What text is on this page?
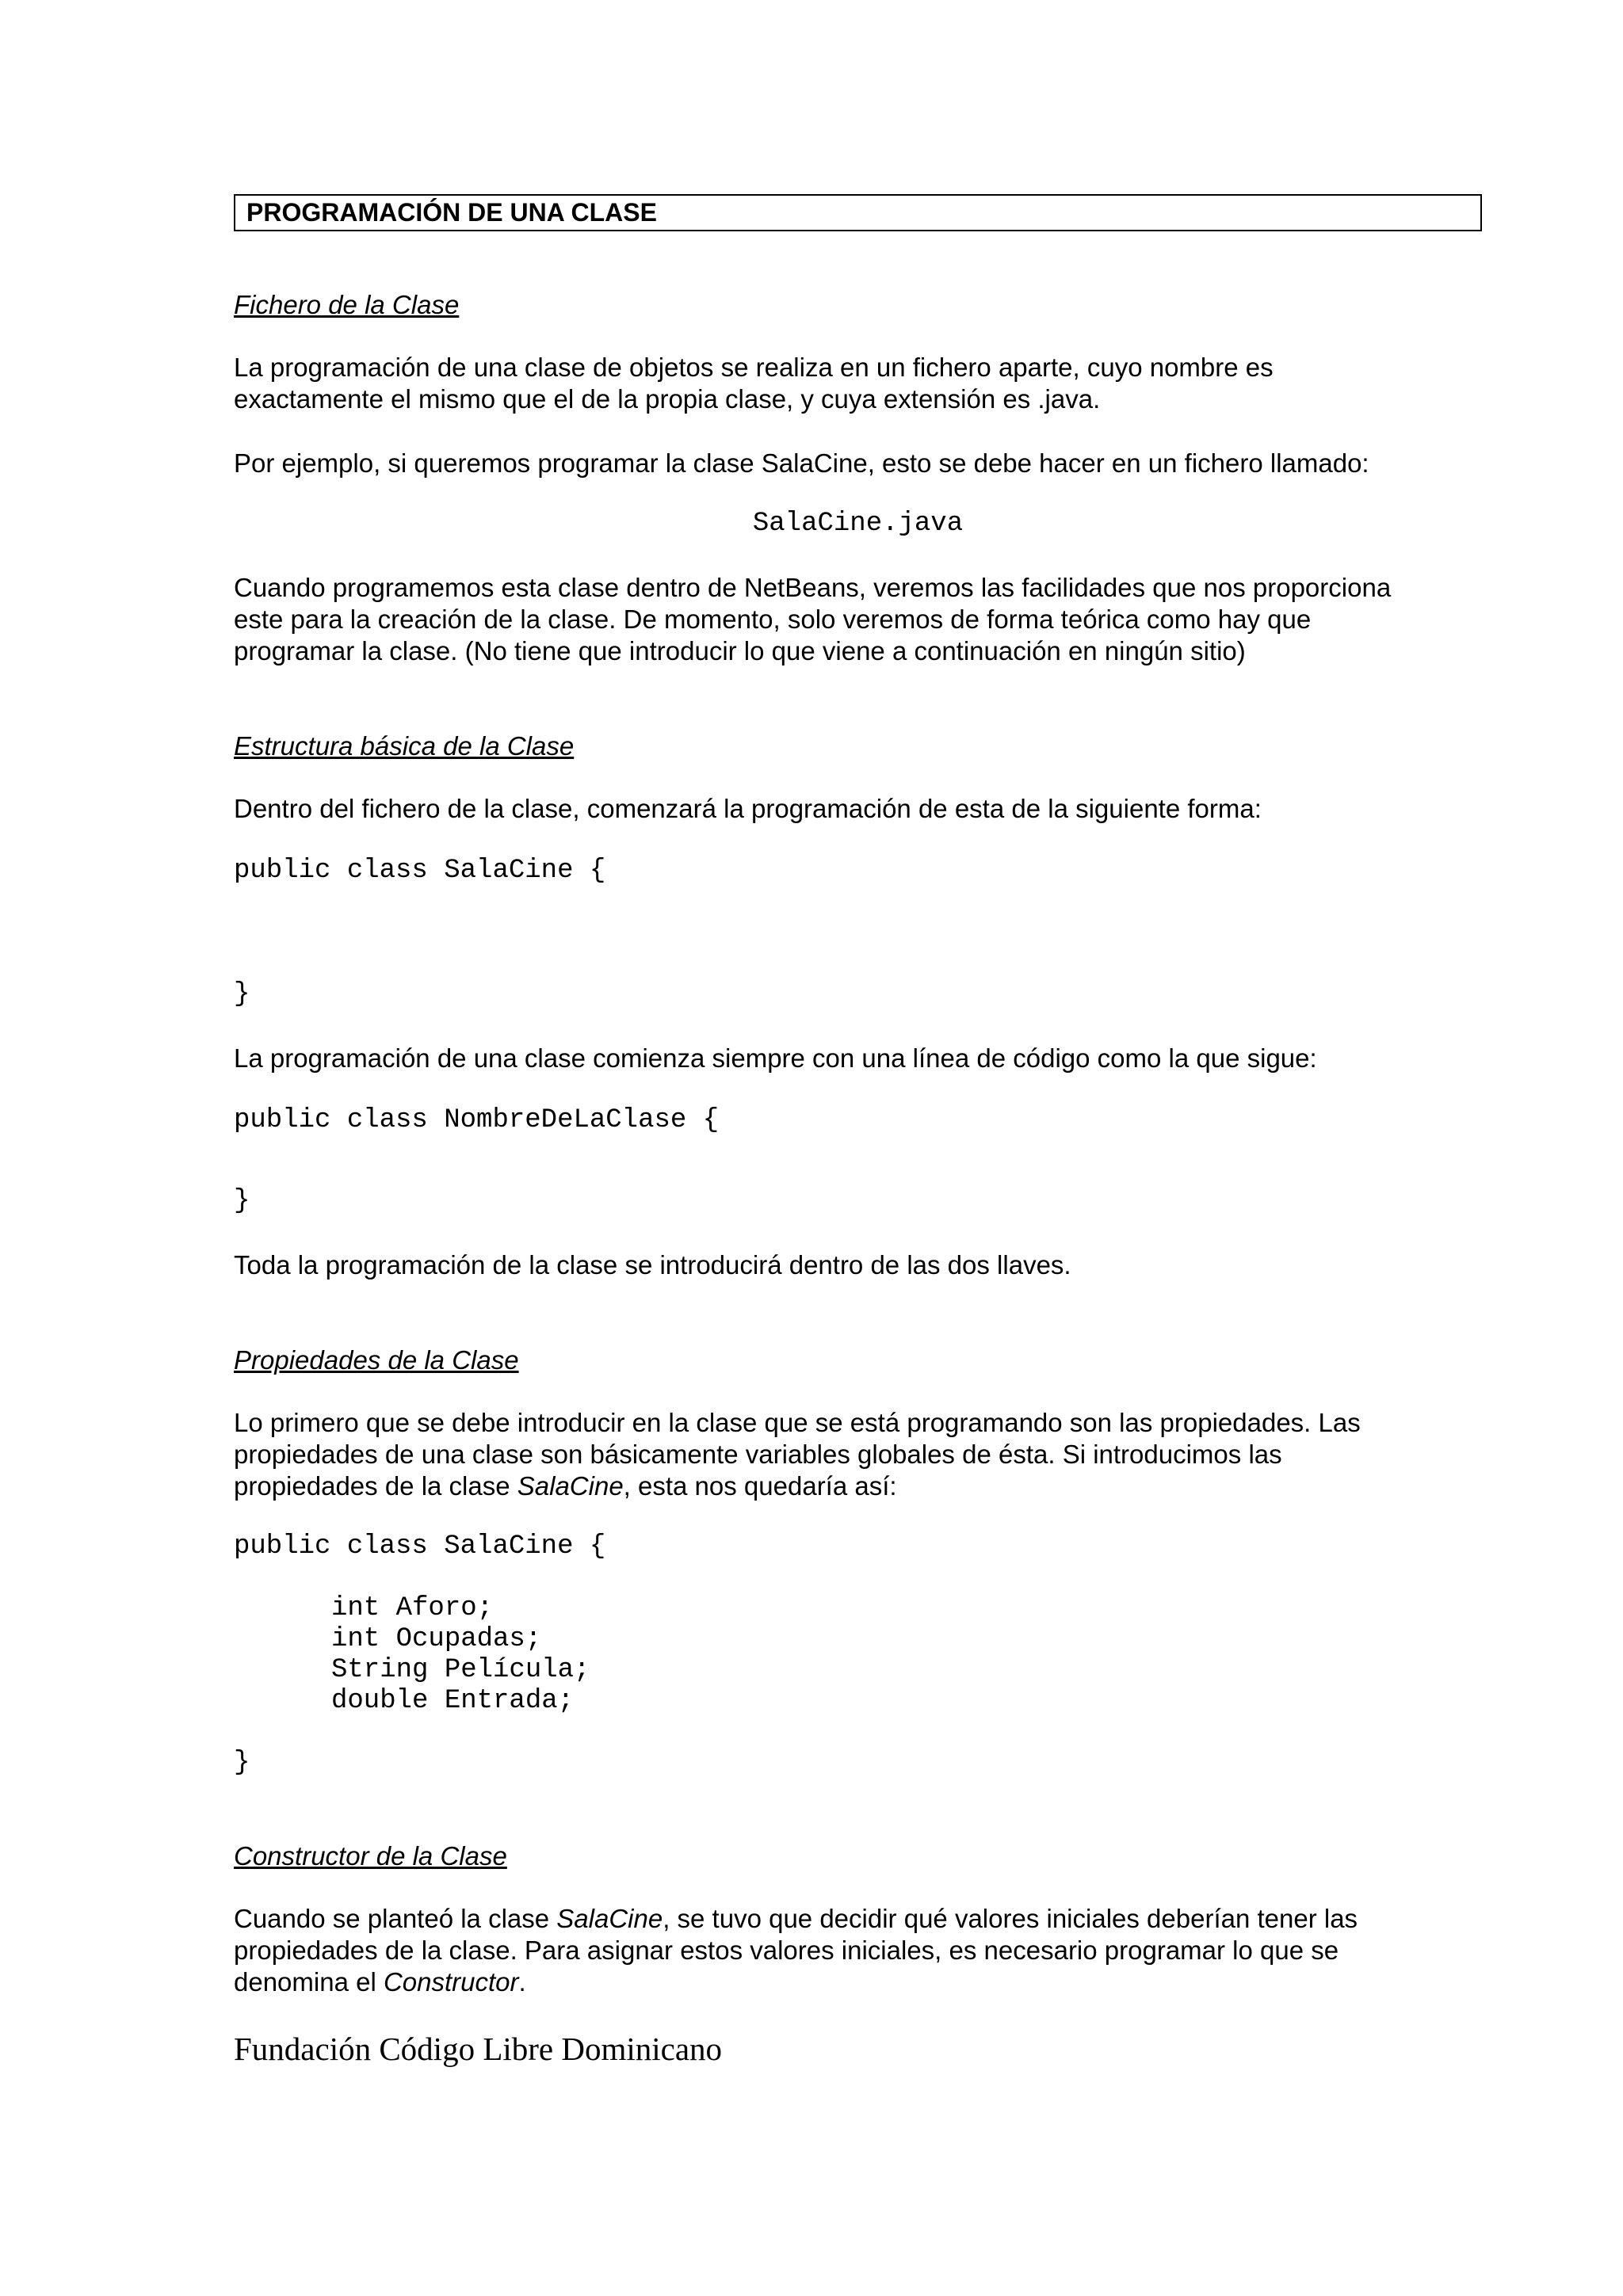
PROGRAMACIÓN DE UNA CLASE

Fichero de la Clase

La programación de una clase de objetos se realiza en un fichero aparte, cuyo nombre es
exactamente el mismo que el de la propia clase, y cuya extensión es .java.

Por ejemplo, si queremos programar la clase SalaCine, esto se debe hacer en un fichero llamado:

SalaCine.java

Cuando programemos esta clase dentro de NetBeans, veremos las facilidades que nos proporciona
este para la creación de la clase. De momento, solo veremos de forma teórica como hay que
programar la clase. (No tiene que introducir lo que viene a continuación en ningún sitio)

Estructura básica de la Clase

Dentro del fichero de la clase, comenzará la programación de esta de la siguiente forma:

public class SalaCine {

}

La programación de una clase comienza siempre con una línea de código como la que sigue:

public class NombreDeLaClase {

}

Toda la programación de la clase se introducirá dentro de las dos llaves.

Propiedades de la Clase

Lo primero que se debe introducir en la clase que se está programando son las propiedades. Las
propiedades de una clase son básicamente variables globales de ésta. Si introducimos las
propiedades de la clase SalaCine, esta nos quedaría así:

public class SalaCine {

int Aforo;

int Ocupadas;

String Película;

double Entrada;

}

Constructor de la Clase

Cuando se planteó la clase SalaCine, se tuvo que decidir qué valores iniciales deberían tener las
propiedades de la clase. Para asignar estos valores iniciales, es necesario programar lo que se
denomina el Constructor.

Fundación Código Libre Dominicano
